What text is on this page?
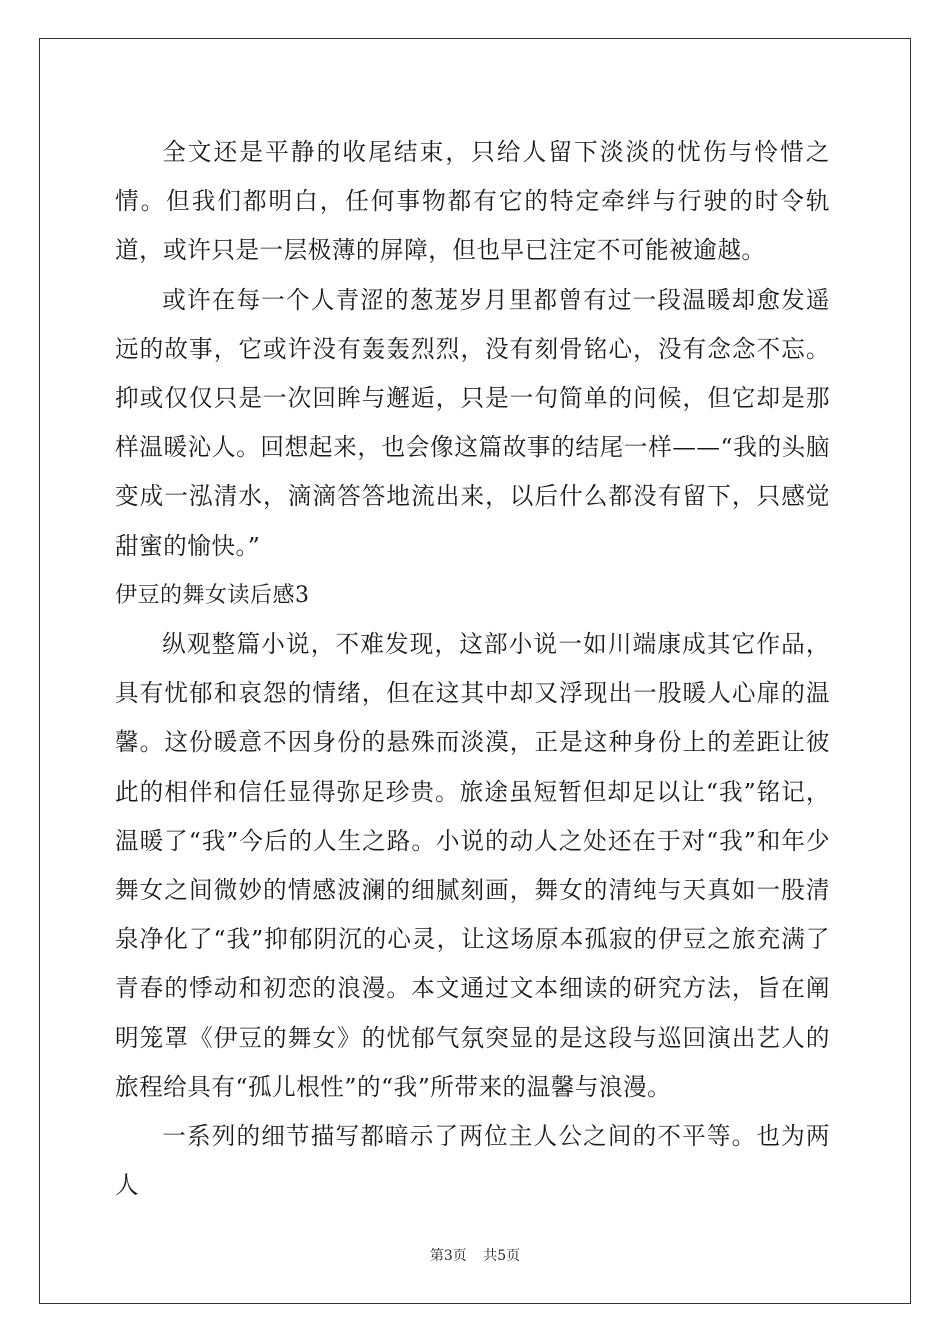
全文还是平静的收尾结束，只给人留下淡淡的忧伤与怜惜之情。但我们都明白，任何事物都有它的特定牵绊与行驶的时令轨道，或许只是一层极薄的屏障，但也早已注定不可能被逾越。

或许在每一个人青涩的葱茏岁月里都曾有过一段温暖却愈发遥远的故事，它或许没有轰轰烈烈，没有刻骨铭心，没有念念不忘。抑或仅仅只是一次回眸与邂逅，只是一句简单的问候，但它却是那样温暖沁人。回想起来，也会像这篇故事的结尾一样——“我的头脑变成一泓清水，滴滴答答地流出来，以后什么都没有留下，只感觉甜蜜的愉快。”

伊豆的舞女读后感3

纵观整篇小说，不难发现，这部小说一如川端康成其它作品，具有忧郁和哀怨的情绪，但在这其中却又浮现出一股暖人心扉的温馨。这份暖意不因身份的悬殊而淡漠，正是这种身份上的差距让彼此的相伴和信任显得弥足珍贵。旅途虽短暂但却足以让“我”铭记，温暖了“我”今后的人生之路。小说的动人之处还在于对“我”和年少舞女之间微妙的情感波澜的细腻刻画，舞女的清纯与天真如一股清泉净化了“我”抑郁阴沉的心灵，让这场原本孤寂的伊豆之旅充满了青春的悸动和初恋的浪漫。本文通过文本细读的研究方法，旨在阐明笼罩《伊豆的舞女》的忧郁气氛突显的是这段与巡回演出艺人的旅程给具有“孤儿根性”的“我”所带来的温馨与浪漫。

一系列的细节描写都暗示了两位主人公之间的不平等。也为两人

第3页 共5页
